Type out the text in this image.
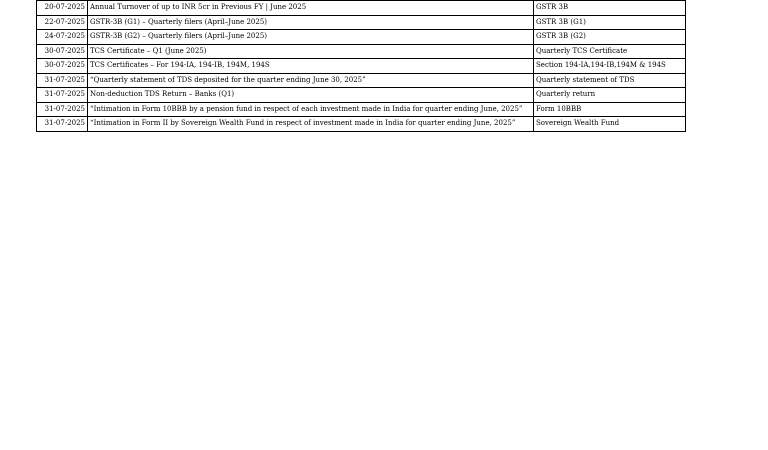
20-07-2025	Annual Turnover of up to INR 5cr in Previous FY | June 2025	GSTR 3B
22-07-2025	GSTR-3B (G1) – Quarterly filers (April–June 2025)	GSTR 3B (G1)
24-07-2025	GSTR-3B (G2) – Quarterly filers (April–June 2025)	GSTR 3B (G2)
30-07-2025	TCS Certificate – Q1 (June 2025)	Quarterly TCS Certificate
30-07-2025	TCS Certificates – For 194-IA, 194-IB, 194M, 194S	Section 194-IA,194-IB,194M & 194S
31-07-2025	“Quarterly statement of TDS deposited for the quarter ending June 30, 2025”	Quarterly statement of TDS
31-07-2025	Non-deduction TDS Return – Banks (Q1)	Quarterly return
31-07-2025	“Intimation in Form 10BBB by a pension fund in respect of each investment made in India for quarter ending June, 2025”	Form 10BBB
31-07-2025	“Intimation in Form II by Sovereign Wealth Fund in respect of investment made in India for quarter ending June, 2025”	Sovereign Wealth Fund
